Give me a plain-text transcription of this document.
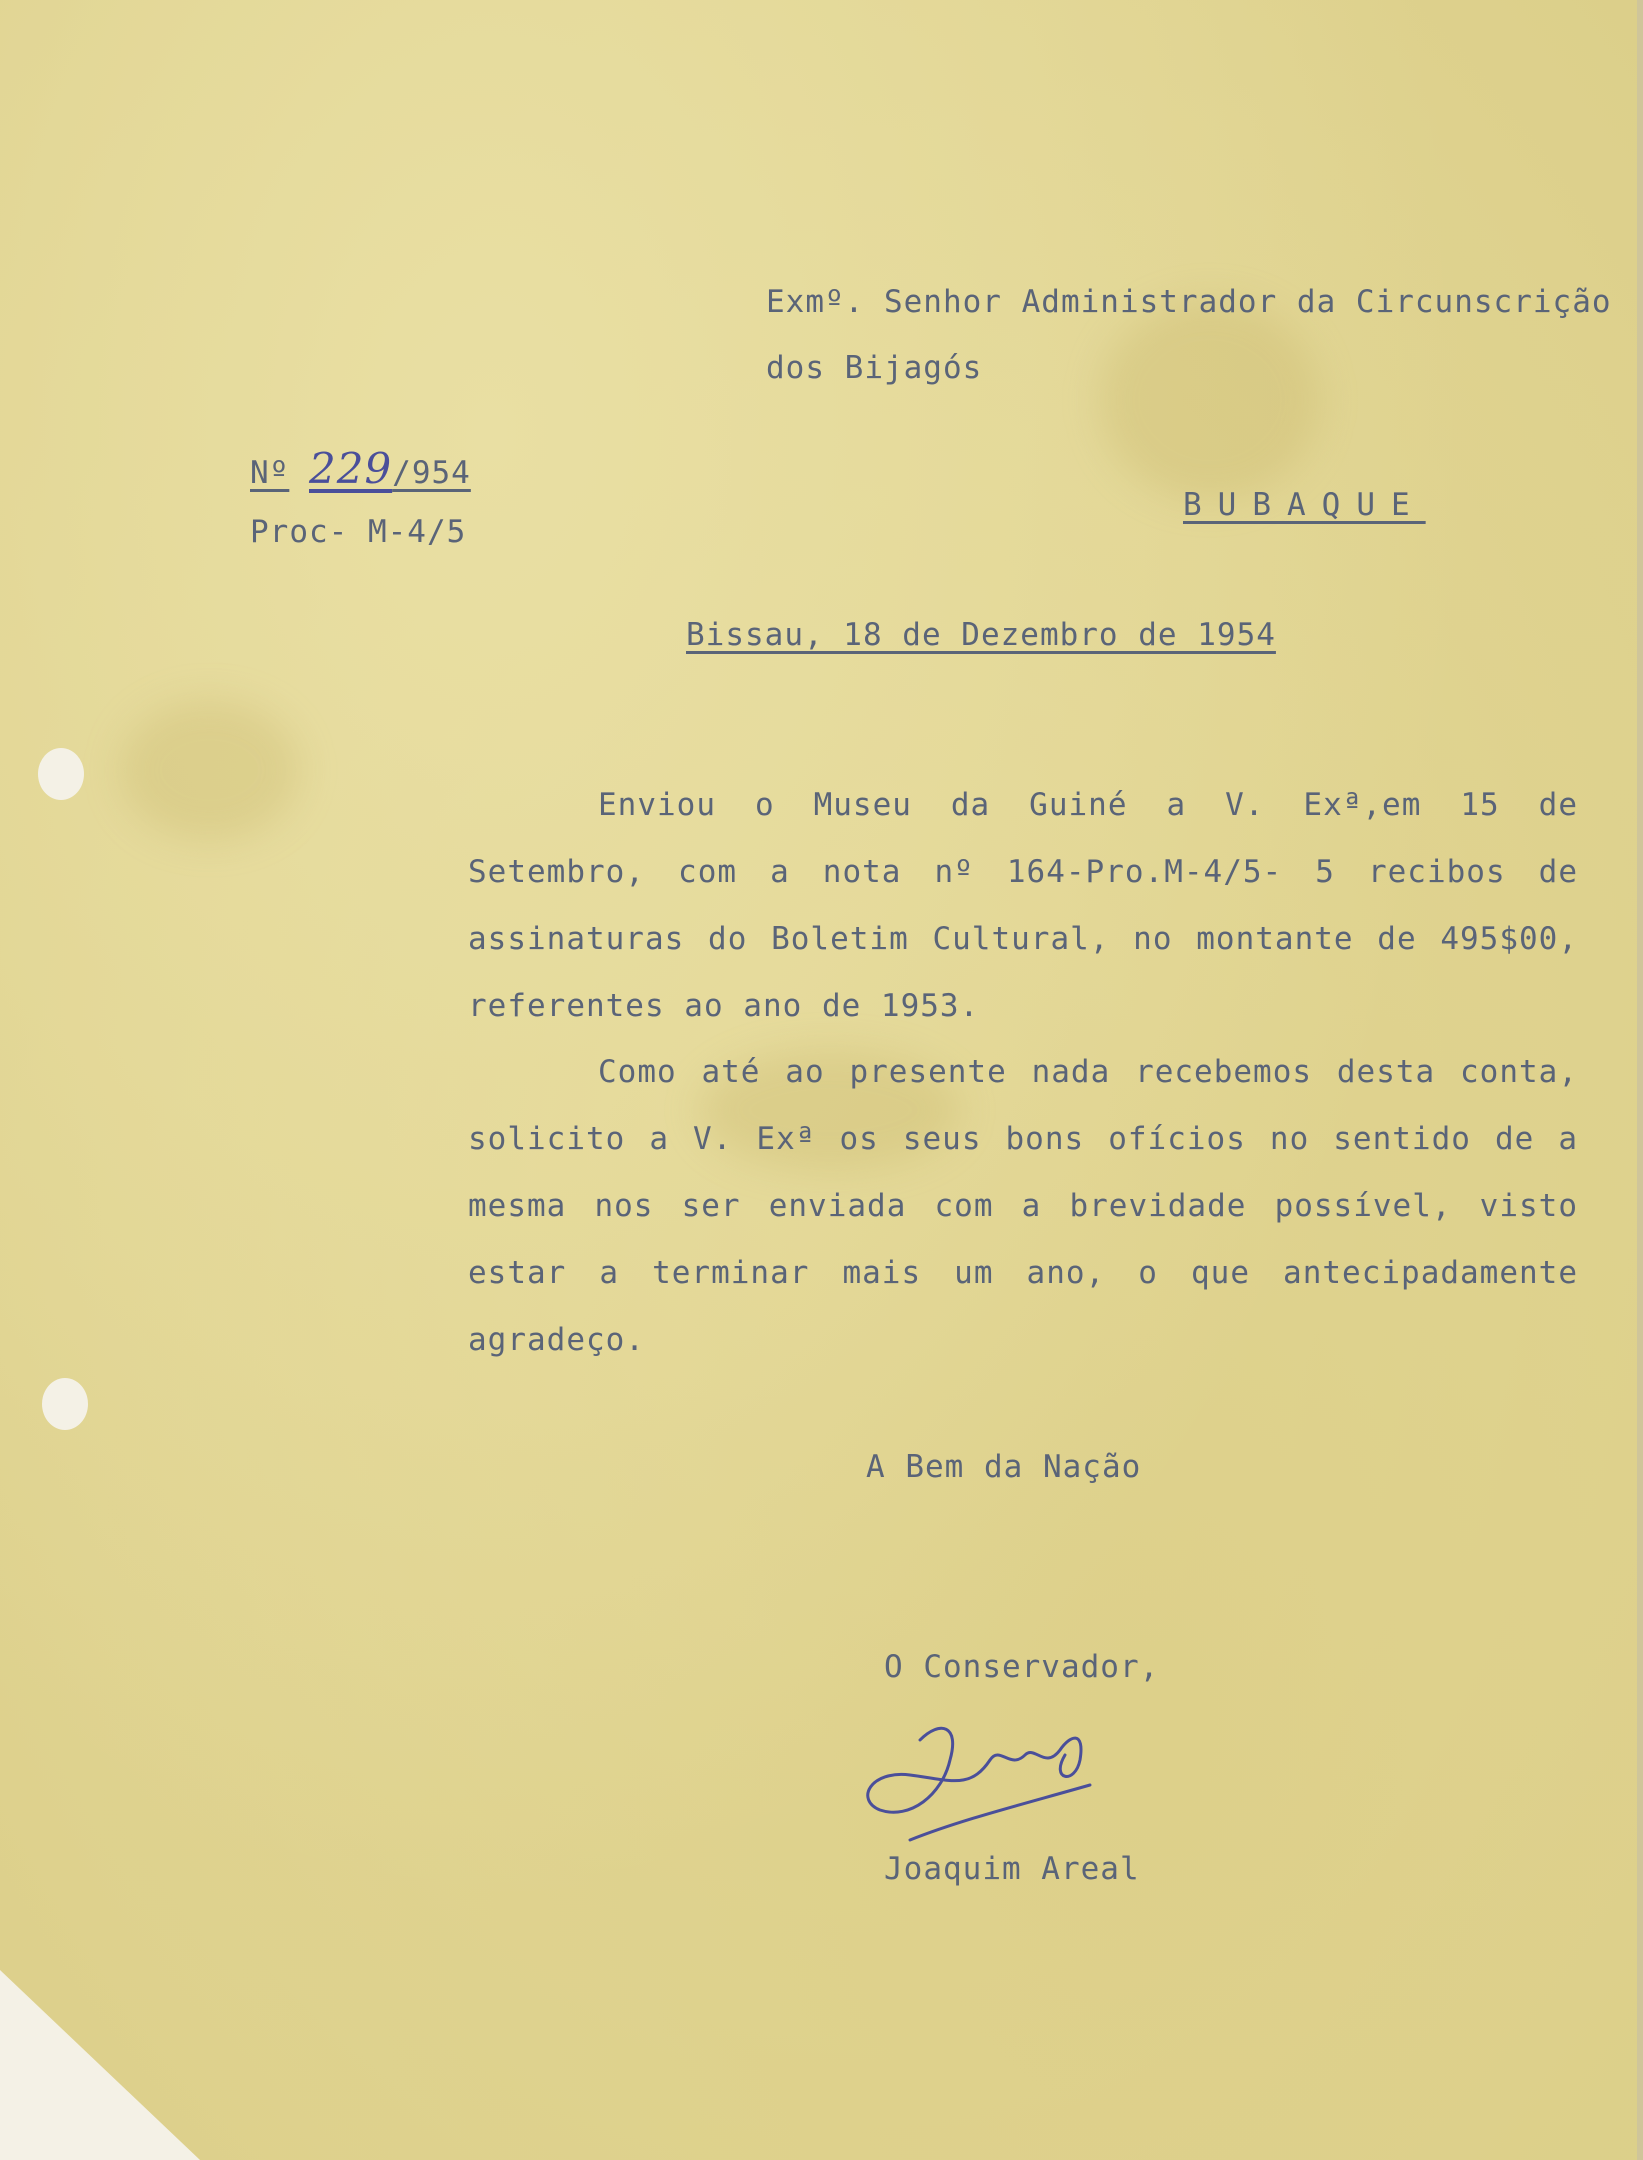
Exmº. Senhor Administrador da Circunscrição
dos Bijagós
Nº 229/954
Proc- M-4/5
BUBAQUE
Bissau, 18 de Dezembro de 1954
Enviou o Museu da Guiné a V. Exª,em 15 de Setembro, com a nota nº 164-Pro.M-4/5- 5 recibos de assinaturas do Boletim Cultural, no montante de 495$00, referentes ao ano de 1953.
Como até ao presente nada recebemos desta conta, solicito a V. Exª os seus bons ofícios no sentido de a mesma nos ser enviada com a brevidade possível, visto estar a terminar mais um ano, o que antecipadamente agradeço.
A Bem da Nação
O Conservador,
Joaquim Areal
